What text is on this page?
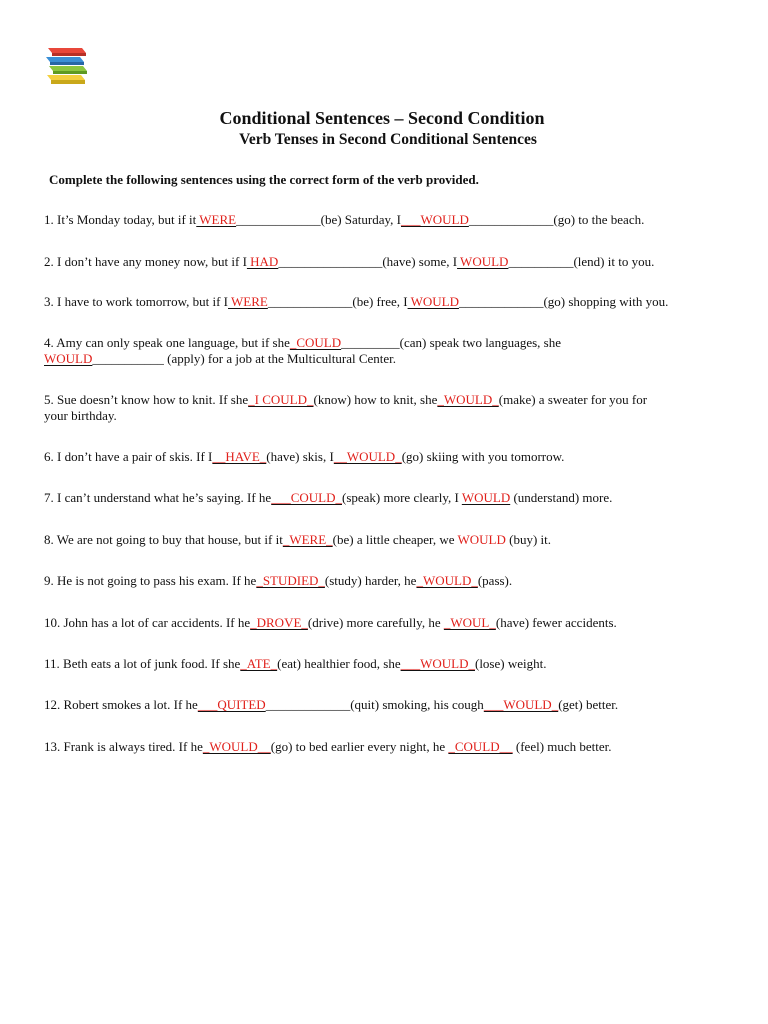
Conditional Sentences – Second Condition
Verb Tenses in Second Conditional Sentences
Complete the following sentences using the correct form of the verb provided.
1. It’s Monday today, but if it WERE_____________(be) Saturday, I___WOULD_____________(go) to the beach.
2. I don’t have any money now, but if I HAD________________(have) some, I WOULD__________(lend) it to you.
3. I have to work tomorrow, but if I WERE_____________(be) free, I WOULD_____________(go) shopping with you.
4. Amy can only speak one language, but if she_COULD_________(can) speak two languages, she
WOULD___________ (apply) for a job at the Multicultural Center.
5. Sue doesn’t know how to knit. If she_I COULD_(know) how to knit, she_WOULD_(make) a sweater for you for
your birthday.
6. I don’t have a pair of skis. If I__HAVE_(have) skis, I__WOULD_(go) skiing with you tomorrow.
7. I can’t understand what he’s saying. If he___COULD_(speak) more clearly, I WOULD (understand) more.
8. We are not going to buy that house, but if it_WERE_(be) a little cheaper, we WOULD (buy) it.
9. He is not going to pass his exam. If he_STUDIED_(study) harder, he_WOULD_(pass).
10. John has a lot of car accidents. If he_DROVE_(drive) more carefully, he _WOUL_(have) fewer accidents.
11. Beth eats a lot of junk food. If she_ATE_(eat) healthier food, she___WOULD_(lose) weight.
12. Robert smokes a lot. If he___QUITED_____________(quit) smoking, his cough___WOULD_(get) better.
13. Frank is always tired. If he_WOULD__(go) to bed earlier every night, he _COULD__ (feel) much better.
